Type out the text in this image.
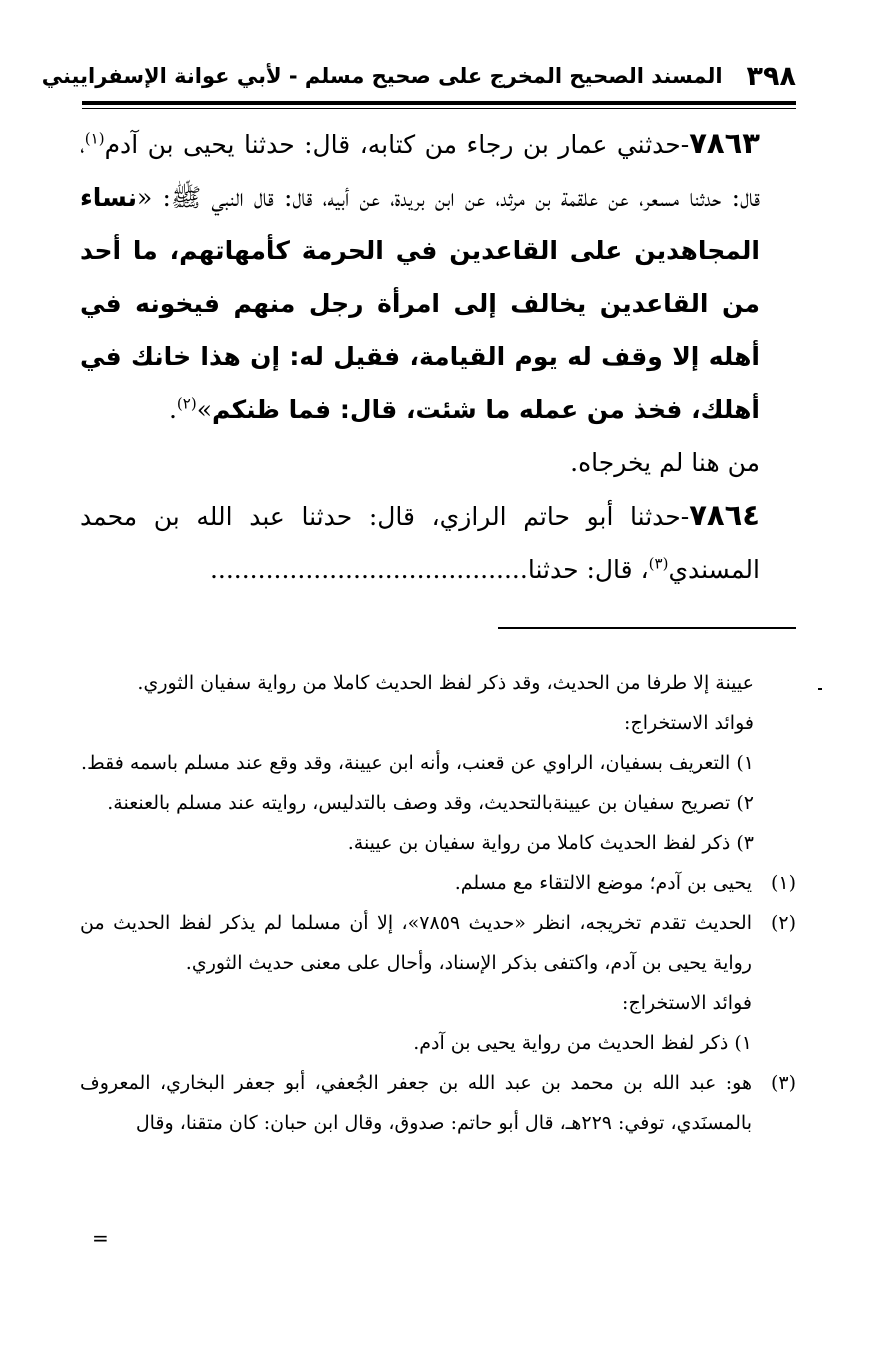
٣٩٨
المسند الصحيح المخرج على صحيح مسلم - لأبي عوانة الإسفراييني

٧٨٦٣-حدثني عمار بن رجاء من كتابه، قال: حدثنا يحيى بن آدم$^{(١)}$، قال: حدثنا مسعر، عن علقمة بن مرثد، عن ابن بريدة، عن أبيه، قال: قال النبي ﷺ: «نساء المجاهدين على القاعدين في الحرمة كأمهاتهم، ما أحد من القاعدين يخالف إلى امرأة رجل منهم فيخونه في أهله إلا وقف له يوم القيامة، فقيل له: إن هذا خانك في أهلك، فخذ من عمله ما شئت، قال: فما ظنكم»$^{(٢)}$.

من هنا لم يخرجاه.

٧٨٦٤-حدثنا أبو حاتم الرازي، قال: حدثنا عبد الله بن محمد المسندي$^{(٣)}$، قال: حدثنا........................................

عيينة إلا طرفا من الحديث، وقد ذكر لفظ الحديث كاملا من رواية سفيان الثوري.

فوائد الاستخراج:

١) التعريف بسفيان، الراوي عن قعنب، وأنه ابن عيينة، وقد وقع عند مسلم باسمه فقط.

٢) تصريح سفيان بن عيينةبالتحديث، وقد وصف بالتدليس، روايته عند مسلم بالعنعنة.

٣) ذكر لفظ الحديث كاملا من رواية سفيان بن عيينة.

(١)
يحيى بن آدم؛ موضع الالتقاء مع مسلم.
(٢)
الحديث تقدم تخريجه، انظر «حديث ٧٨٥٩»، إلا أن مسلما لم يذكر لفظ الحديث من رواية يحيى بن آدم، واكتفى بذكر الإسناد، وأحال على معنى حديث الثوري.

فوائد الاستخراج:

١) ذكر لفظ الحديث من رواية يحيى بن آدم.

(٣)
هو: عبد الله بن محمد بن عبد الله بن جعفر الجُعفي، أبو جعفر البخاري، المعروف بالمسنَدي، توفي: ٢٢٩هـ، قال أبو حاتم: صدوق، وقال ابن حبان: كان متقنا، وقال
=
